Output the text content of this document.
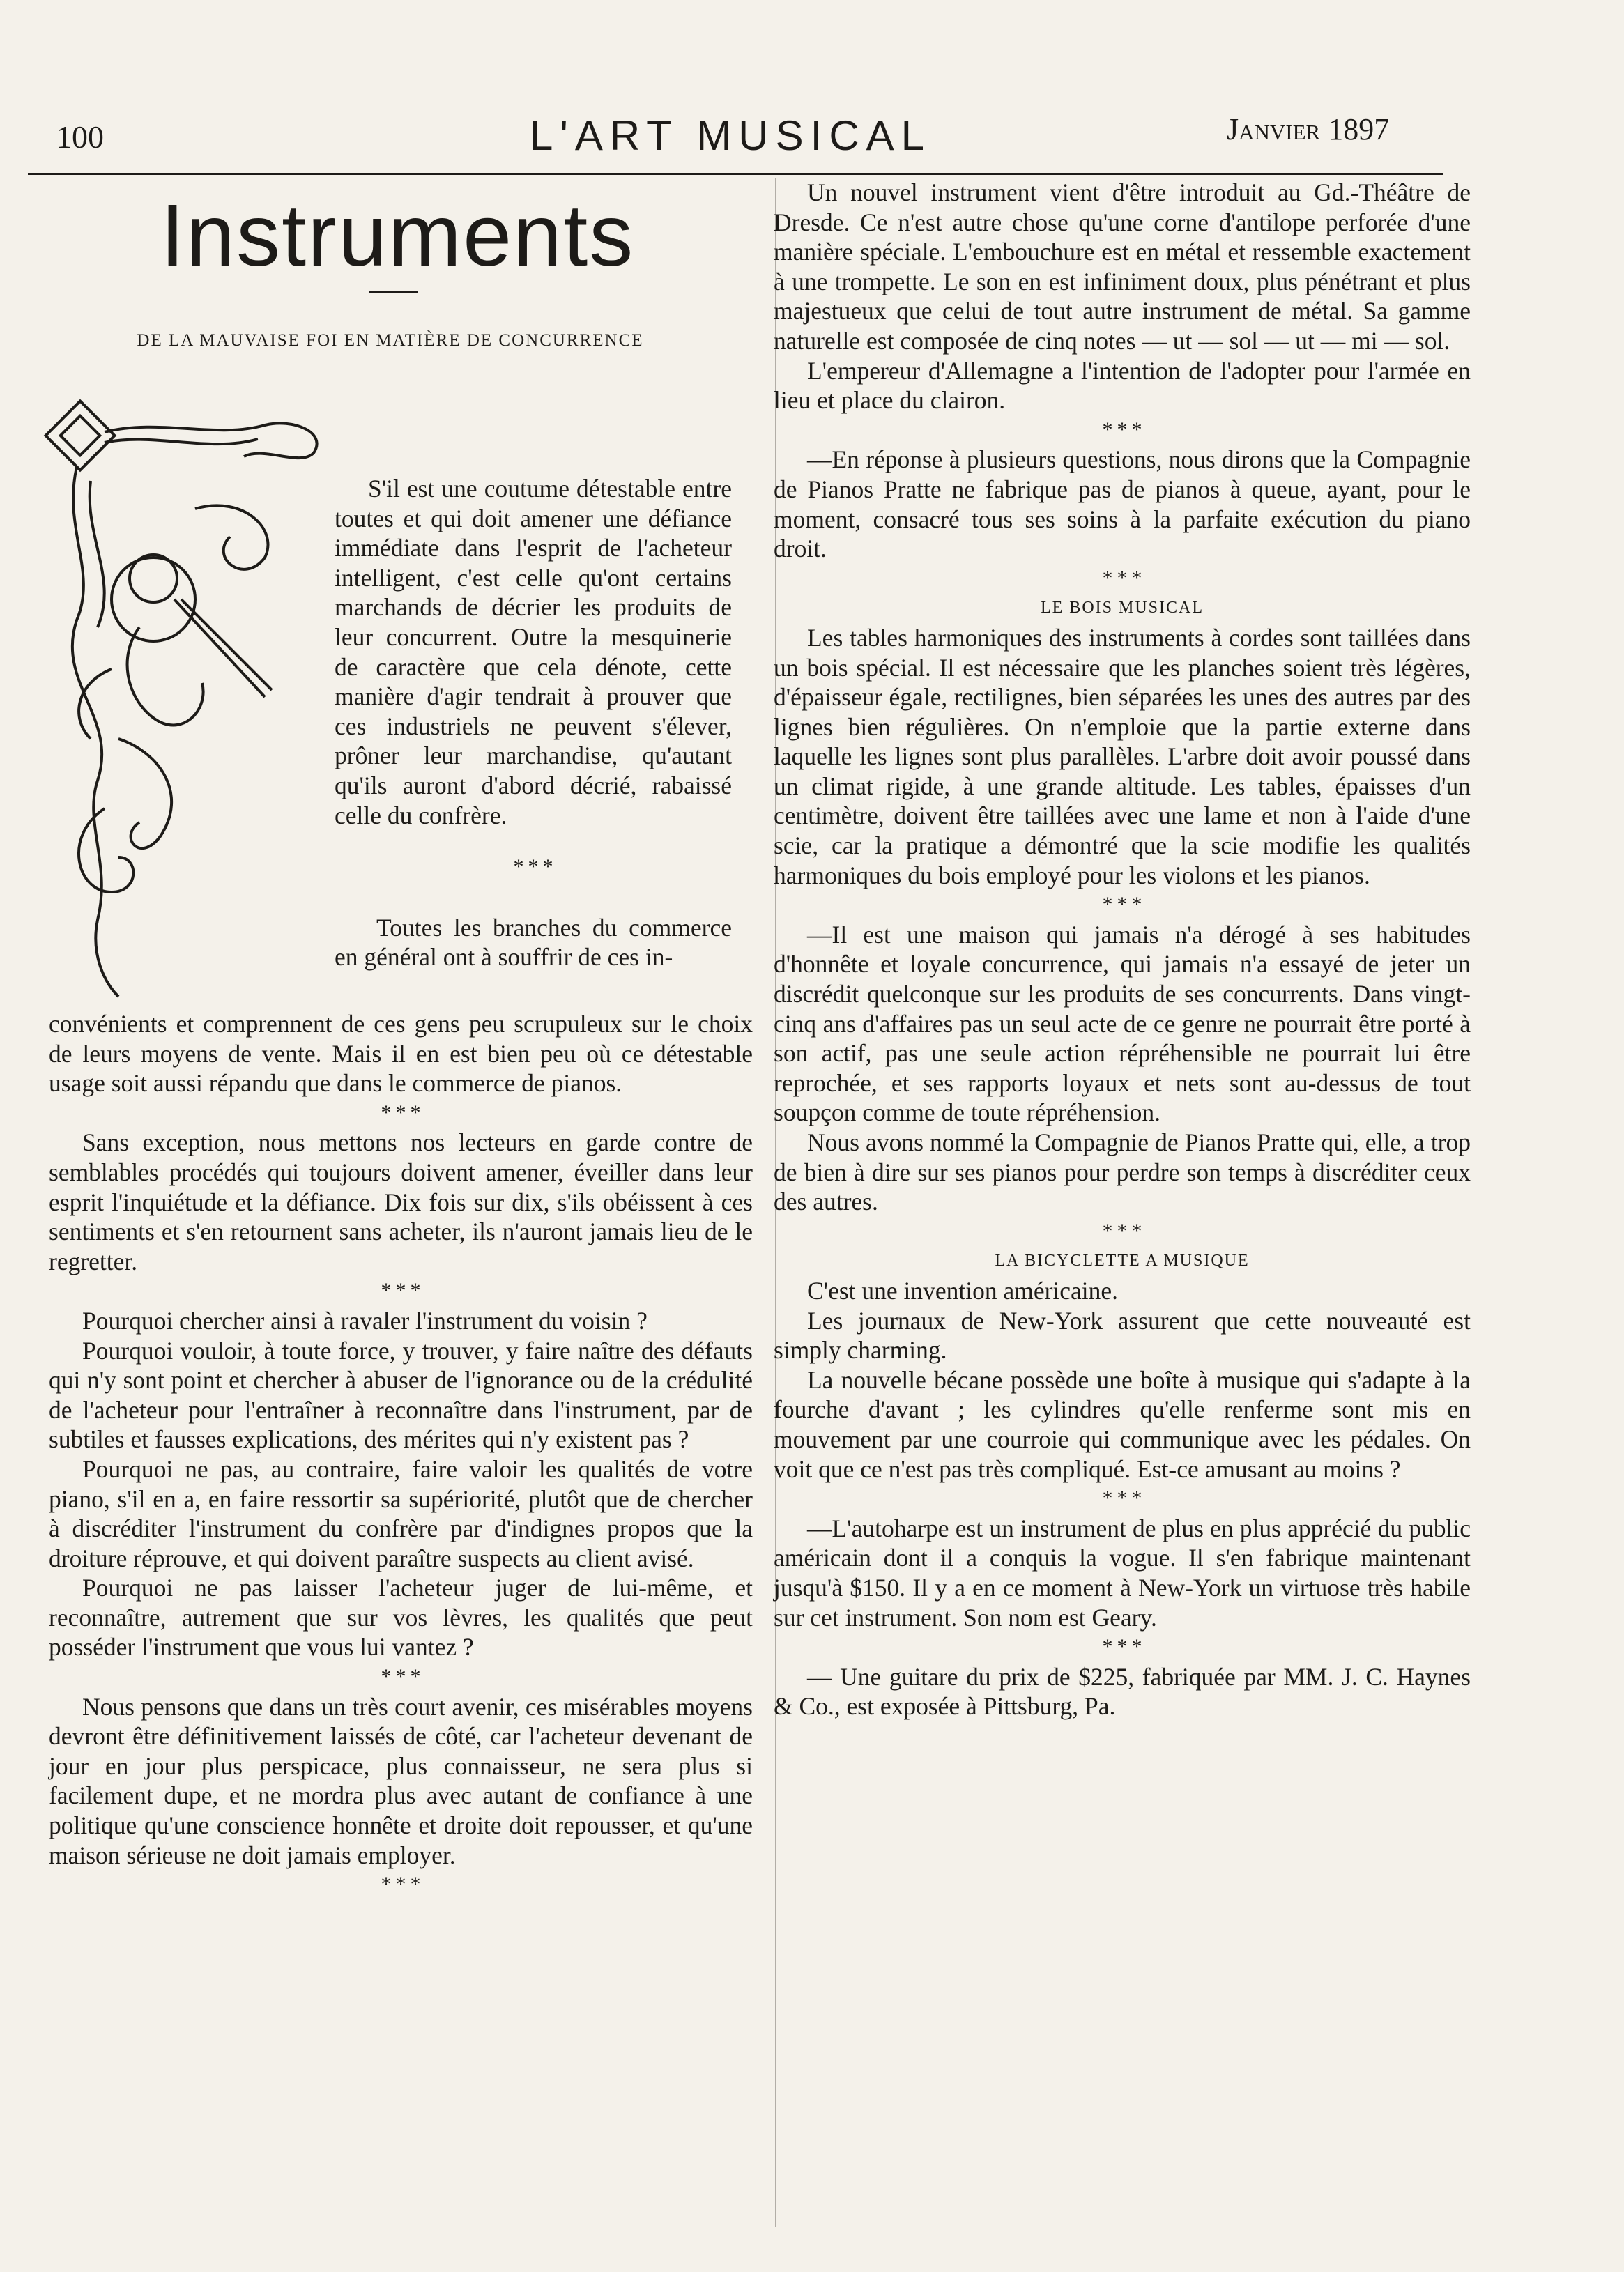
100	L'ART MUSICAL	Janvier 1897
Instruments
DE LA MAUVAISE FOI EN MATIÈRE DE CONCURRENCE

S'il est une coutume détestable entre toutes et qui doit amener une défiance immédiate dans l'esprit de l'acheteur intelligent, c'est celle qu'ont certains marchands de décrier les produits de leur concurrent. Outre la mesquinerie de caractère que cela dénote, cette manière d'agir tendrait à prouver que ces industriels ne peuvent s'élever, prôner leur marchandise, qu'autant qu'ils auront d'abord décrié, rabaissé celle du confrère.

* * *

Toutes les branches du commerce en général ont à souffrir de ces in-

convénients et comprennent de ces gens peu scrupuleux sur le choix de leurs moyens de vente. Mais il en est bien peu où ce détestable usage soit aussi répandu que dans le commerce de pianos.

* * *

Sans exception, nous mettons nos lecteurs en garde contre de semblables procédés qui toujours doivent amener, éveiller dans leur esprit l'inquiétude et la défiance. Dix fois sur dix, s'ils obéissent à ces sentiments et s'en retournent sans acheter, ils n'auront jamais lieu de le regretter.

* * *

Pourquoi chercher ainsi à ravaler l'instrument du voisin ?

Pourquoi vouloir, à toute force, y trouver, y faire naître des défauts qui n'y sont point et chercher à abuser de l'ignorance ou de la crédulité de l'acheteur pour l'entraîner à reconnaître dans l'instrument, par de subtiles et fausses explications, des mérites qui n'y existent pas ?

Pourquoi ne pas, au contraire, faire valoir les qualités de votre piano, s'il en a, en faire ressortir sa supériorité, plutôt que de chercher à discréditer l'instrument du confrère par d'indignes propos que la droiture réprouve, et qui doivent paraître suspects au client avisé.

Pourquoi ne pas laisser l'acheteur juger de lui-même, et reconnaître, autrement que sur vos lèvres, les qualités que peut posséder l'instrument que vous lui vantez ?

* * *

Nous pensons que dans un très court avenir, ces misérables moyens devront être définitivement laissés de côté, car l'acheteur devenant de jour en jour plus perspicace, plus connaisseur, ne sera plus si facilement dupe, et ne mordra plus avec autant de confiance à une politique qu'une conscience honnête et droite doit repousser, et qu'une maison sérieuse ne doit jamais employer.

* * *

Un nouvel instrument vient d'être introduit au Gd.-Théâtre de Dresde. Ce n'est autre chose qu'une corne d'antilope perforée d'une manière spéciale. L'embouchure est en métal et ressemble exactement à une trompette. Le son en est infiniment doux, plus pénétrant et plus majestueux que celui de tout autre instrument de métal. Sa gamme naturelle est composée de cinq notes — ut — sol — ut — mi — sol.

L'empereur d'Allemagne a l'intention de l'adopter pour l'armée en lieu et place du clairon.

* * *

—En réponse à plusieurs questions, nous dirons que la Compagnie de Pianos Pratte ne fabrique pas de pianos à queue, ayant, pour le moment, consacré tous ses soins à la parfaite exécution du piano droit.

* * *

LE BOIS MUSICAL

Les tables harmoniques des instruments à cordes sont taillées dans un bois spécial. Il est nécessaire que les planches soient très légères, d'épaisseur égale, rectilignes, bien séparées les unes des autres par des lignes bien régulières. On n'emploie que la partie externe dans laquelle les lignes sont plus parallèles. L'arbre doit avoir poussé dans un climat rigide, à une grande altitude. Les tables, épaisses d'un centimètre, doivent être taillées avec une lame et non à l'aide d'une scie, car la pratique a démontré que la scie modifie les qualités harmoniques du bois employé pour les violons et les pianos.

* * *

—Il est une maison qui jamais n'a dérogé à ses habitudes d'honnête et loyale concurrence, qui jamais n'a essayé de jeter un discrédit quelconque sur les produits de ses concurrents. Dans vingt-cinq ans d'affaires pas un seul acte de ce genre ne pourrait être porté à son actif, pas une seule action répréhensible ne pourrait lui être reprochée, et ses rapports loyaux et nets sont au-dessus de tout soupçon comme de toute répréhension.

Nous avons nommé la Compagnie de Pianos Pratte qui, elle, a trop de bien à dire sur ses pianos pour perdre son temps à discréditer ceux des autres.

* * *

LA BICYCLETTE A MUSIQUE

C'est une invention américaine.

Les journaux de New-York assurent que cette nouveauté est simply charming.

La nouvelle bécane possède une boîte à musique qui s'adapte à la fourche d'avant ; les cylindres qu'elle renferme sont mis en mouvement par une courroie qui communique avec les pédales. On voit que ce n'est pas très compliqué. Est-ce amusant au moins ?

* * *

—L'autoharpe est un instrument de plus en plus apprécié du public américain dont il a conquis la vogue. Il s'en fabrique maintenant jusqu'à $150. Il y a en ce moment à New-York un virtuose très habile sur cet instrument. Son nom est Geary.

* * *

— Une guitare du prix de $225, fabriquée par MM. J. C. Haynes & Co., est exposée à Pittsburg, Pa.
